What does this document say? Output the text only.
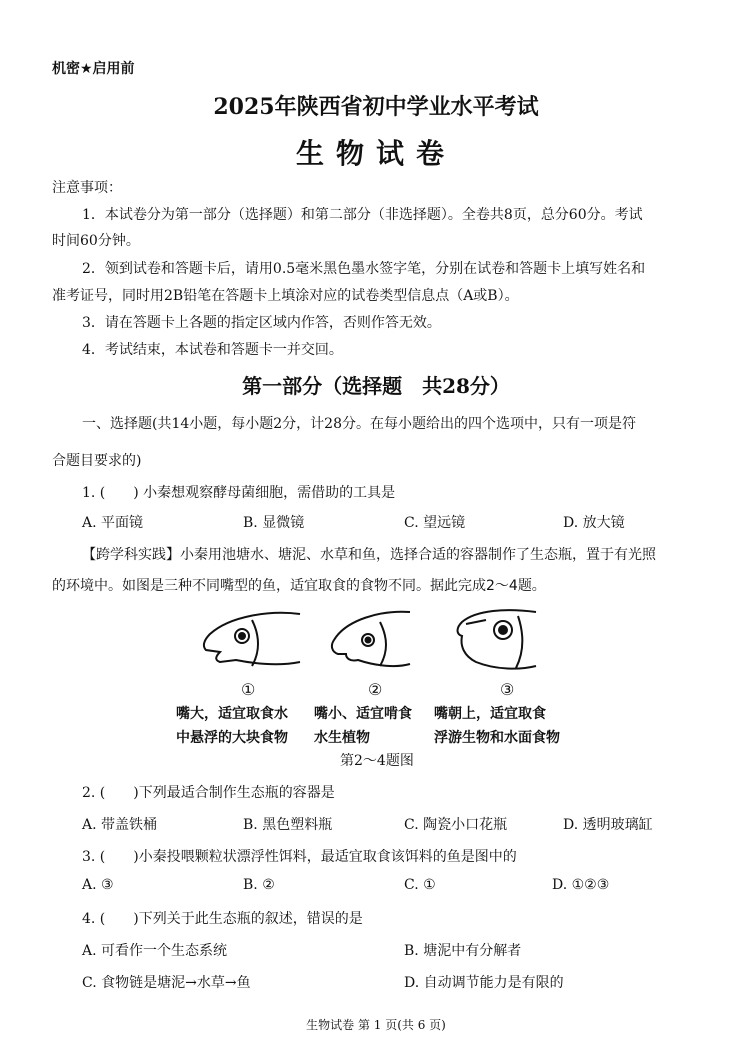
机密★启用前
2025年陕西省初中学业水平考试
生物试卷
注意事项：
1．本试卷分为第一部分（选择题）和第二部分（非选择题）。全卷共8页，总分60分。考试
时间60分钟。
2．领到试卷和答题卡后，请用0.5毫米黑色墨水签字笔，分别在试卷和答题卡上填写姓名和
准考证号，同时用2B铅笔在答题卡上填涂对应的试卷类型信息点（A或B）。
3．请在答题卡上各题的指定区域内作答，否则作答无效。
4．考试结束，本试卷和答题卡一并交回。
第一部分（选择题　共28分）
一、选择题(共14小题，每小题2分，计28分。在每小题给出的四个选项中，只有一项是符
合题目要求的)
1. (　　) 小秦想观察酵母菌细胞，需借助的工具是
A. 平面镜	B. 显微镜	C. 望远镜	D. 放大镜
【跨学科实践】小秦用池塘水、塘泥、水草和鱼，选择合适的容器制作了生态瓶，置于有光照
的环境中。如图是三种不同嘴型的鱼，适宜取食的食物不同。据此完成2～4题。
①	②	③
嘴大，适宜取食水
中悬浮的大块食物
嘴小、适宜啃食
水生植物
嘴朝上，适宜取食
浮游生物和水面食物
第2～4题图
2. (　　)下列最适合制作生态瓶的容器是
A. 带盖铁桶	B. 黑色塑料瓶	C. 陶瓷小口花瓶	D. 透明玻璃缸
3. (　　)小秦投喂颗粒状漂浮性饵料，最适宜取食该饵料的鱼是图中的
A. ③	B. ②	C. ①	D. ①②③
4. (　　)下列关于此生态瓶的叙述，错误的是
A. 可看作一个生态系统	B. 塘泥中有分解者
C. 食物链是塘泥→水草→鱼	D. 自动调节能力是有限的
生物试卷 第 1 页(共 6 页)
